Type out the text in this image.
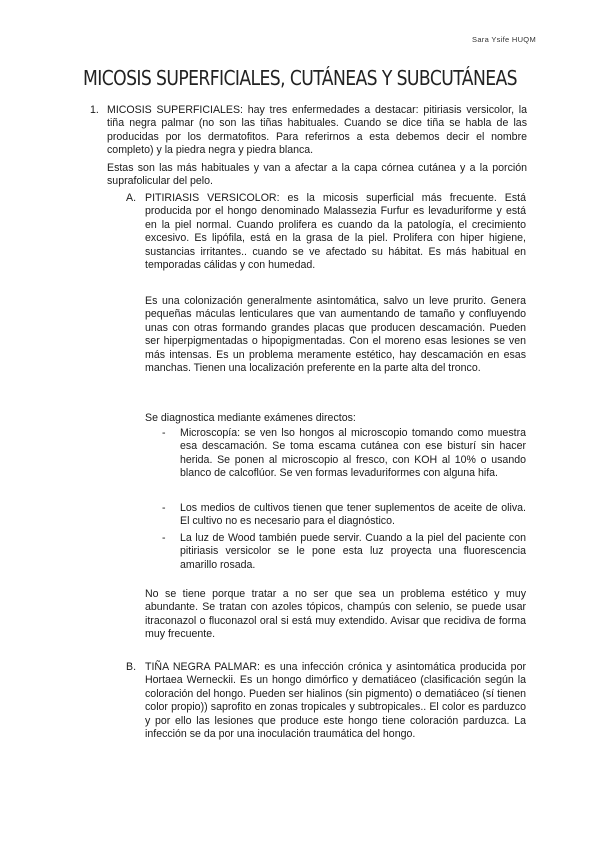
Sara Ysife HUQM
MICOSIS SUPERFICIALES, CUTÁNEAS Y SUBCUTÁNEAS
1. MICOSIS SUPERFICIALES: hay tres enfermedades a destacar: pitiriasis versicolor, la tiña negra palmar (no son las tiñas habituales. Cuando se dice tiña se habla de las producidas por los dermatofitos. Para referirnos a esta debemos decir el nombre completo) y la piedra negra y piedra blanca.

Estas son las más habituales y van a afectar a la capa córnea cutánea y a la porción suprafolicular del pelo.

A. PITIRIASIS VERSICOLOR: es la micosis superficial más frecuente. Está producida por el hongo denominado Malassezia Furfur es levaduriforme y está en la piel normal. Cuando prolifera es cuando da la patología, el crecimiento excesivo. Es lipófila, está en la grasa de la piel. Prolifera con hiper higiene, sustancias irritantes.. cuando se ve afectado su hábitat. Es más habitual en temporadas cálidas y con humedad.

Es una colonización generalmente asintomática, salvo un leve prurito. Genera pequeñas máculas lenticulares que van aumentando de tamaño y confluyendo unas con otras formando grandes placas que producen descamación. Pueden ser hiperpigmentadas o hipopigmentadas. Con el moreno esas lesiones se ven más intensas. Es un problema meramente estético, hay descamación en esas manchas. Tienen una localización preferente en la parte alta del tronco.

Se diagnostica mediante exámenes directos:

- Microscopía: se ven lso hongos al microscopio tomando como muestra esa descamación. Se toma escama cutánea con ese bisturí sin hacer herida. Se ponen al microscopio al fresco, con KOH al 10% o usando blanco de calcoflúor. Se ven formas levaduriformes con alguna hifa.

- Los medios de cultivos tienen que tener suplementos de aceite de oliva. El cultivo no es necesario para el diagnóstico.

- La luz de Wood también puede servir. Cuando a la piel del paciente con pitiriasis versicolor se le pone esta luz proyecta una fluorescencia amarillo rosada.

No se tiene porque tratar a no ser que sea un problema estético y muy abundante. Se tratan con azoles tópicos, champús con selenio, se puede usar itraconazol o fluconazol oral si está muy extendido. Avisar que recidiva de forma muy frecuente.

B. TIÑA NEGRA PALMAR: es una infección crónica y asintomática producida por Hortaea Werneckii. Es un hongo dimórfico y dematiáceo (clasificación según la coloración del hongo. Pueden ser hialinos (sin pigmento) o dematiáceo (sí tienen color propio)) saprofito en zonas tropicales y subtropicales.. El color es parduzco y por ello las lesiones que produce este hongo tiene coloración parduzca. La infección se da por una inoculación traumática del hongo.
